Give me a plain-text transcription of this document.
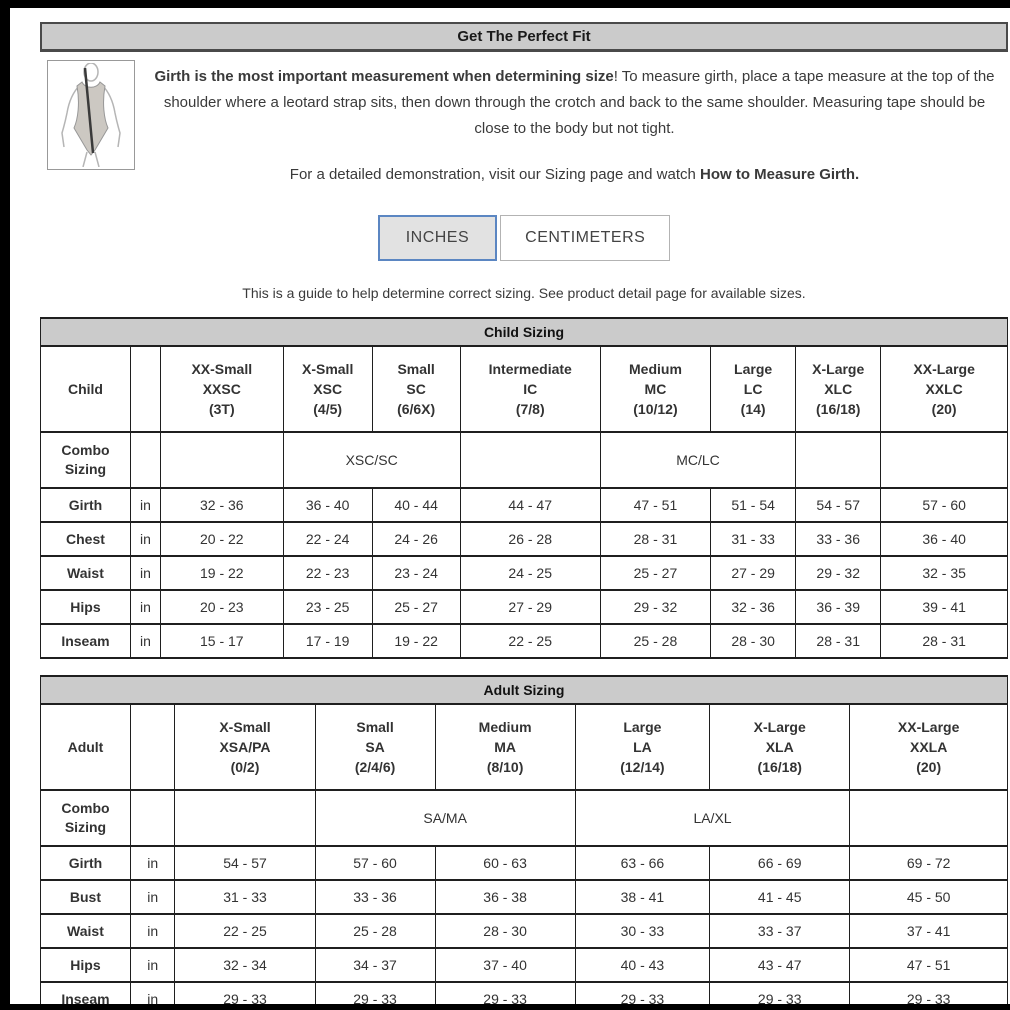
Get The Perfect Fit

Girth is the most important measurement when determining size! To measure girth, place a tape measure at the top of the shoulder where a leotard strap sits, then down through the crotch and back to the same shoulder. Measuring tape should be close to the body but not tight.

For a detailed demonstration, visit our Sizing page and watch How to Measure Girth.

INCHES	CENTIMETERS

This is a guide to help determine correct sizing. See product detail page for available sizes.

Child Sizing									
Child		XX-Small
XXSC
(3T)	X-Small
XSC
(4/5)	Small
SC
(6/6X)	Intermediate
IC
(7/8)	Medium
MC
(10/12)	Large
LC
(14)	X-Large
XLC
(16/18)	XX-Large
XXLC
(20)

Combo Sizing			XSC/SC			MC/LC			
Girth	in	32 - 36	36 - 40	40 - 44	44 - 47	47 - 51	51 - 54	54 - 57	57 - 60
Chest	in	20 - 22	22 - 24	24 - 26	26 - 28	28 - 31	31 - 33	33 - 36	36 - 40
Waist	in	19 - 22	22 - 23	23 - 24	24 - 25	25 - 27	27 - 29	29 - 32	32 - 35
Hips	in	20 - 23	23 - 25	25 - 27	27 - 29	29 - 32	32 - 36	36 - 39	39 - 41
Inseam	in	15 - 17	17 - 19	19 - 22	22 - 25	25 - 28	28 - 30	28 - 31	28 - 31
Adult Sizing							
Adult		X-Small
XSA/PA
(0/2)	Small
SA
(2/4/6)	Medium
MA
(8/10)	Large
LA
(12/14)	X-Large
XLA
(16/18)	XX-Large
XXLA
(20)

Combo Sizing			SA/MA		LA/XL		
Girth	in	54 - 57	57 - 60	60 - 63	63 - 66	66 - 69	69 - 72
Bust	in	31 - 33	33 - 36	36 - 38	38 - 41	41 - 45	45 - 50
Waist	in	22 - 25	25 - 28	28 - 30	30 - 33	33 - 37	37 - 41
Hips	in	32 - 34	34 - 37	37 - 40	40 - 43	43 - 47	47 - 51
Inseam	in	29 - 33	29 - 33	29 - 33	29 - 33	29 - 33	29 - 33
